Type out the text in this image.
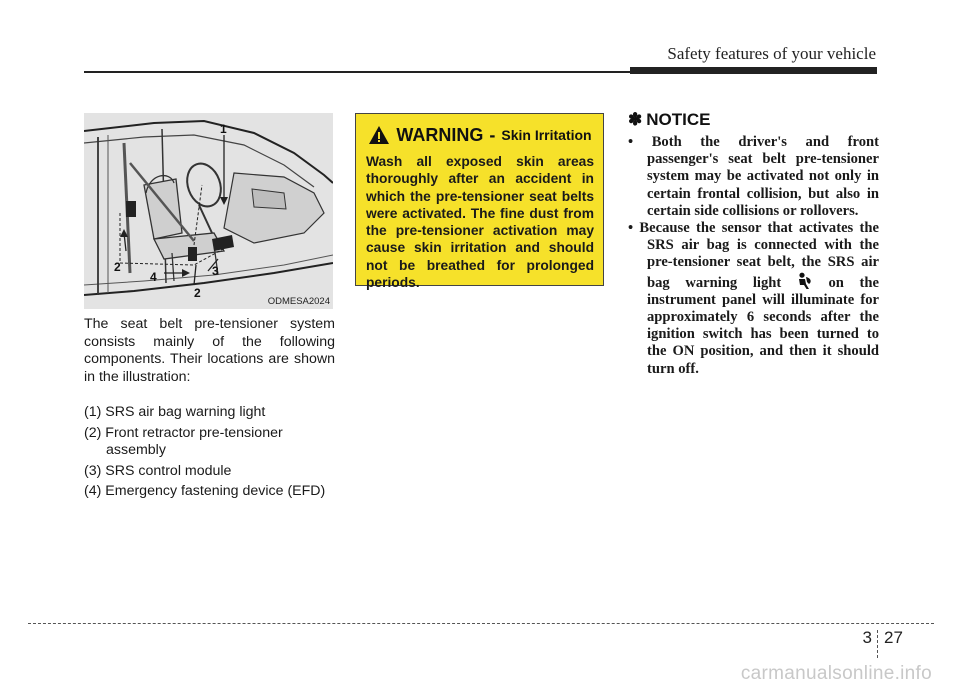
Safety features of your vehicle
1
2
4	3
2
ODMESA2024

The seat belt pre-tensioner system consists mainly of the following components. Their locations are shown in the illustration:

(1) SRS air bag warning light
(2) Front retractor pre-tensioner assembly
(3) SRS control module
(4) Emergency fastening device (EFD)
WARNING - Skin Irritation

Wash all exposed skin areas thoroughly after an accident in which the pre-tensioner seat belts were activated. The fine dust from the pre-tensioner activation may cause skin irritation and should not be breathed for prolonged periods.

✽ NOTICE
• Both the driver's and front passenger's seat belt pre-tensioner system may be activated not only in certain frontal collision, but also in certain side collisions or rollovers.
• Because the sensor that activates the SRS air bag is connected with the pre-tensioner seat belt, the SRS air bag warning light	on the instrument panel will illuminate for approximately 6 seconds after the ignition switch has been turned to the ON position, and then it should turn off.
3 27
carmanualsonline.info
